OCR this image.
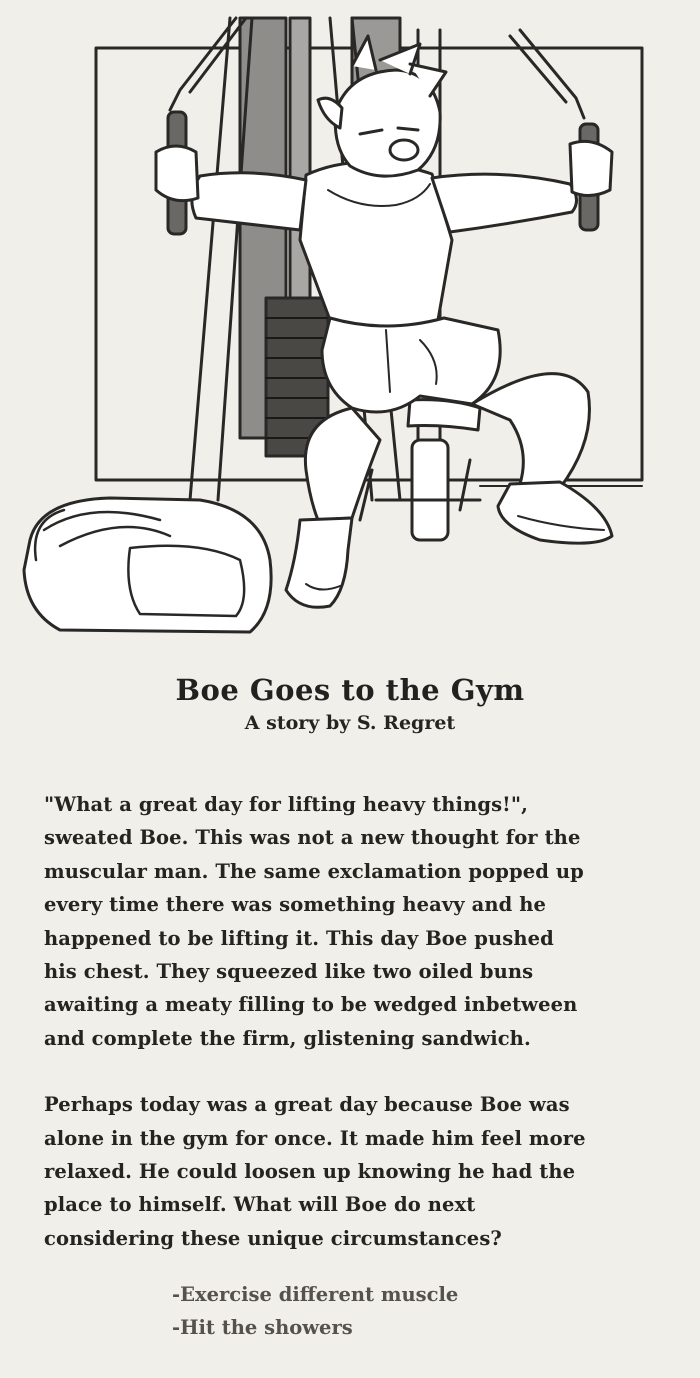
Boe Goes to the Gym
A story by S. Regret

"What a great day for lifting heavy things!",
sweated Boe. This was not a new thought for the
muscular man. The same exclamation popped up
every time there was something heavy and he
happened to be lifting it. This day Boe pushed
his chest. They squeezed like two oiled buns
awaiting a meaty filling to be wedged inbetween
and complete the firm, glistening sandwich.

Perhaps today was a great day because Boe was
alone in the gym for once. It made him feel more
relaxed. He could loosen up knowing he had the
place to himself. What will Boe do next
considering these unique circumstances?

-Exercise different muscle
-Hit the showers
